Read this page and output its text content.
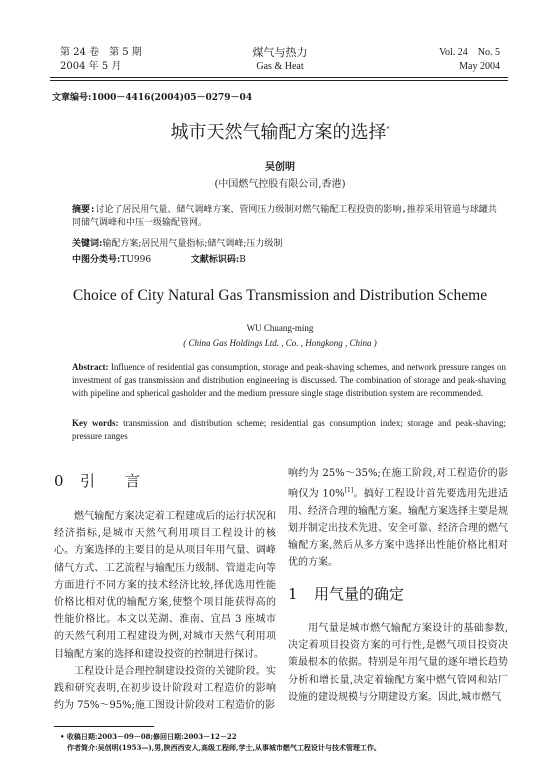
第 24 卷　第 5 期
2004 年 5 月
煤气与热力
Gas & Heat
Vol. 24　No. 5
May 2004
文章编号:1000－4416(2004)05－0279－04
城市天然气输配方案的选择*
吴创明
(中国燃气控股有限公司,香港)
摘要:讨论了居民用气量、储气调峰方案、管网压力级制对燃气输配工程投资的影响,推荐采用管道与球罐共同储气调峰和中压一级输配管网。
关键词:输配方案;居民用气量指标;储气调峰;压力级制
中图分类号:TU996	文献标识码:B
Choice of City Natural Gas Transmission and Distribution Scheme
WU Chuang-ming
( China Gas Holdings Ltd. , Co. , Hongkong , China )
Abstract: Influence of residential gas consumption, storage and peak-shaving schemes, and network pressure ranges on investment of gas transmission and distribution engineering is discussed. The combination of storage and peak-shaving with pipeline and spherical gasholder and the medium pressure single stage distribution system are recommended.
Key words: transmission and distribution scheme; residential gas consumption index; storage and peak-shaving; pressure ranges
0 引　　言

燃气输配方案决定着工程建成后的运行状况和经济指标,是城市天然气利用项目工程设计的核心。方案选择的主要目的是从项目年用气量、调峰储气方式、工艺流程与输配压力级制、管道走向等方面进行不同方案的技术经济比较,择优选用性能价格比相对优的输配方案,使整个项目能获得高的性能价格比。本文以芜湖、淮南、宜昌 3 座城市的天然气利用工程建设为例,对城市天然气利用项目输配方案的选择和建设投资的控制进行探讨。

工程设计是合理控制建设投资的关键阶段。实践和研究表明,在初步设计阶段对工程造价的影响约为 75%～95%;施工图设计阶段对工程造价的影

响约为 25%～35%;在施工阶段,对工程造价的影响仅为 10%[1]。搞好工程设计首先要选用先进适用、经济合理的输配方案。输配方案选择主要是规划并制定出技术先进、安全可靠、经济合理的燃气输配方案,然后从多方案中选择出性能价格比相对优的方案。

1 用气量的确定

用气量是城市燃气输配方案设计的基础参数,决定着项目投资方案的可行性,是燃气项目投资决策最根本的依据。特别是年用气量的逐年增长趋势分析和增长量,决定着输配方案中燃气管网和站厂设施的建设规模与分期建设方案。因此,城市燃气

• 收稿日期:2003－09－08;修回日期:2003－12－22
作者简介:吴创明(1953—),男,陕西西安人,高级工程师,学士,从事城市燃气工程设计与技术管理工作。
